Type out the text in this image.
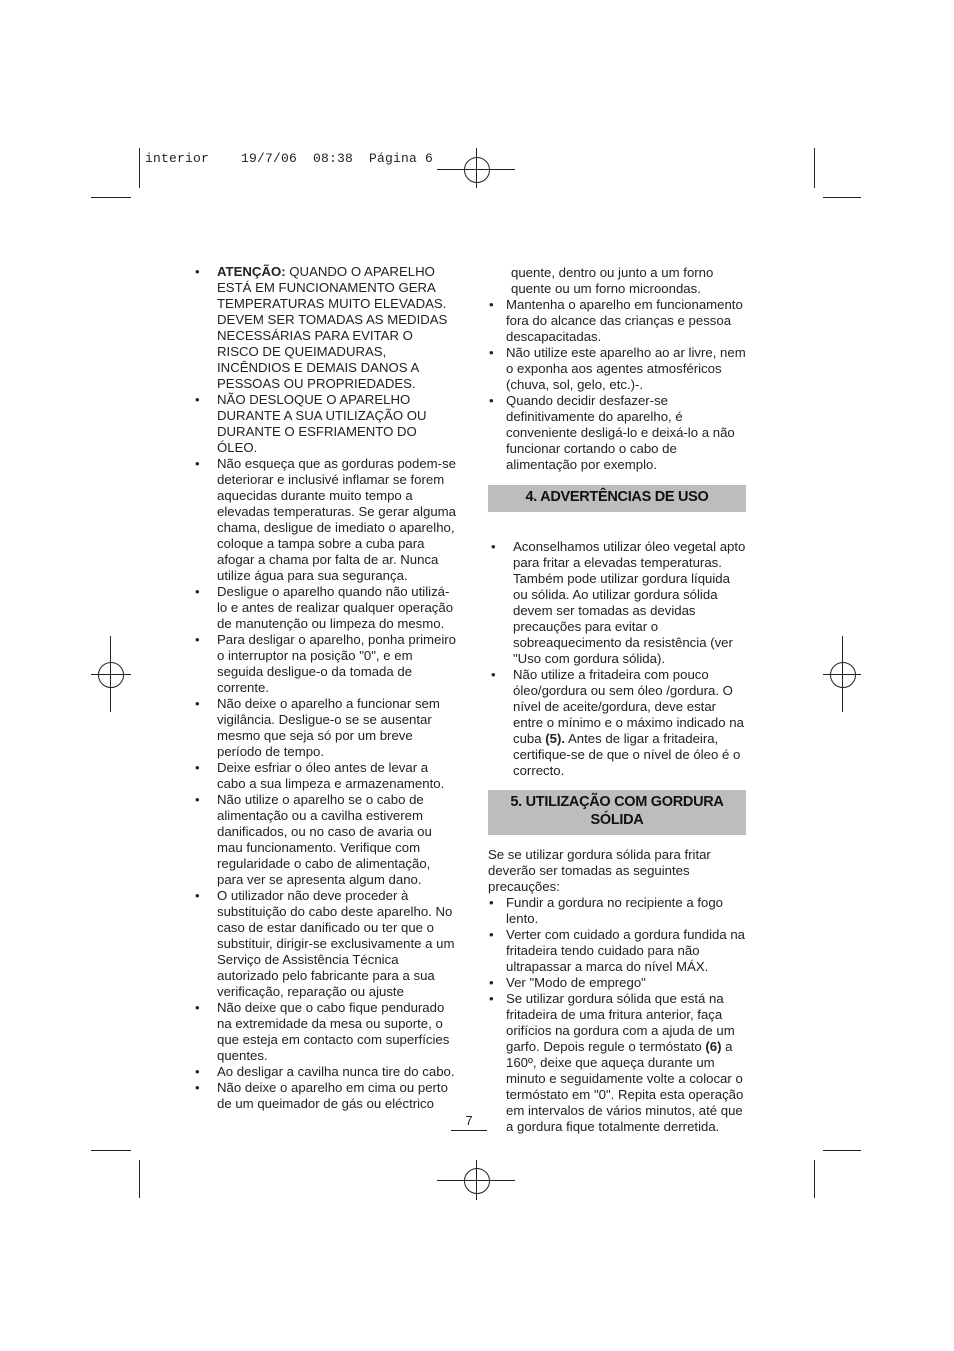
interior    19/7/06  08:38  Página 6
• ATENÇÃO: QUANDO O APARELHO ESTÁ EM FUNCIONAMENTO GERA TEMPERATURAS MUITO ELEVADAS. DEVEM SER TOMADAS AS MEDIDAS NECESSÁRIAS PARA EVITAR O RISCO DE QUEIMADURAS, INCÊNDIOS E DEMAIS DANOS A PESSOAS OU PROPRIEDADES.
• NÃO DESLOQUE O APARELHO DURANTE A SUA UTILIZAÇÃO OU DURANTE O ESFRIAMENTO DO ÓLEO.
• Não esqueça que as gorduras podem-se deteriorar e inclusivé inflamar se forem aquecidas durante muito tempo a elevadas temperaturas. Se gerar alguma chama, desligue de imediato o aparelho, coloque a tampa sobre a cuba para afogar a chama por falta de ar. Nunca utilize água para sua segurança.
• Desligue o aparelho quando não utilizá-lo e antes de realizar qualquer operação de manutenção ou limpeza do mesmo.
• Para desligar o aparelho, ponha primeiro o interruptor na posição "0", e em seguida desligue-o da tomada de corrente.
• Não deixe o aparelho a funcionar sem vigilância. Desligue-o se se ausentar mesmo que seja só por um breve período de tempo.
• Deixe esfriar o óleo antes de levar a cabo a sua limpeza e armazenamento.
• Não utilize o aparelho se o cabo de alimentação ou a cavilha estiverem danificados, ou no caso de avaria ou mau funcionamento. Verifique com regularidade o cabo de alimentação, para ver se apresenta algum dano.
• O utilizador não deve proceder à substituição do cabo deste aparelho. No caso de estar danificado ou ter que o substituir, dirigir-se exclusivamente a um Serviço de Assistência Técnica autorizado pelo fabricante para a sua verificação, reparação ou ajuste
• Não deixe que o cabo fique pendurado na extremidade da mesa ou suporte, o que esteja em contacto com superfícies quentes.
• Ao desligar a cavilha nunca tire do cabo.
• Não deixe o aparelho em cima ou perto de um queimador de gás ou eléctrico
quente, dentro ou junto a um forno quente ou um forno microondas.
• Mantenha o aparelho em funcionamento fora do alcance das crianças e pessoa descapacitadas.
• Não utilize este aparelho ao ar livre, nem o exponha aos agentes atmosféricos (chuva, sol, gelo, etc.)-.
• Quando decidir desfazer-se definitivamente do aparelho, é conveniente desligá-lo e deixá-lo a não funcionar cortando o cabo de alimentação por exemplo.
4. ADVERTÊNCIAS DE USO
• Aconselhamos utilizar óleo vegetal apto para fritar a elevadas temperaturas. Também pode utilizar gordura líquida ou sólida. Ao utilizar gordura sólida devem ser tomadas as devidas precauções para evitar o sobreaquecimento da resistência (ver "Uso com gordura sólida).
• Não utilize a fritadeira com pouco óleo/gordura ou sem óleo /gordura. O nível de aceite/gordura, deve estar entre o mínimo e o máximo indicado na cuba (5). Antes de ligar a fritadeira, certifique-se de que o nível de óleo é o correcto.
5. UTILIZAÇÃO COM GORDURA SÓLIDA
Se se utilizar gordura sólida para fritar deverão ser tomadas as seguintes precauções:
• Fundir a gordura no recipiente a fogo lento.
• Verter com cuidado a gordura fundida na fritadeira tendo cuidado para não ultrapassar a marca do nível MÁX.
• Ver "Modo de emprego"
• Se utilizar gordura sólida que está na fritadeira de uma fritura anterior, faça orifícios na gordura com a ajuda de um garfo. Depois regule o termóstato (6) a 160º, deixe que aqueça durante um minuto e seguidamente volte a colocar o termóstato em "0". Repita esta operação em intervalos de vários minutos, até que a gordura fique totalmente derretida.
7
